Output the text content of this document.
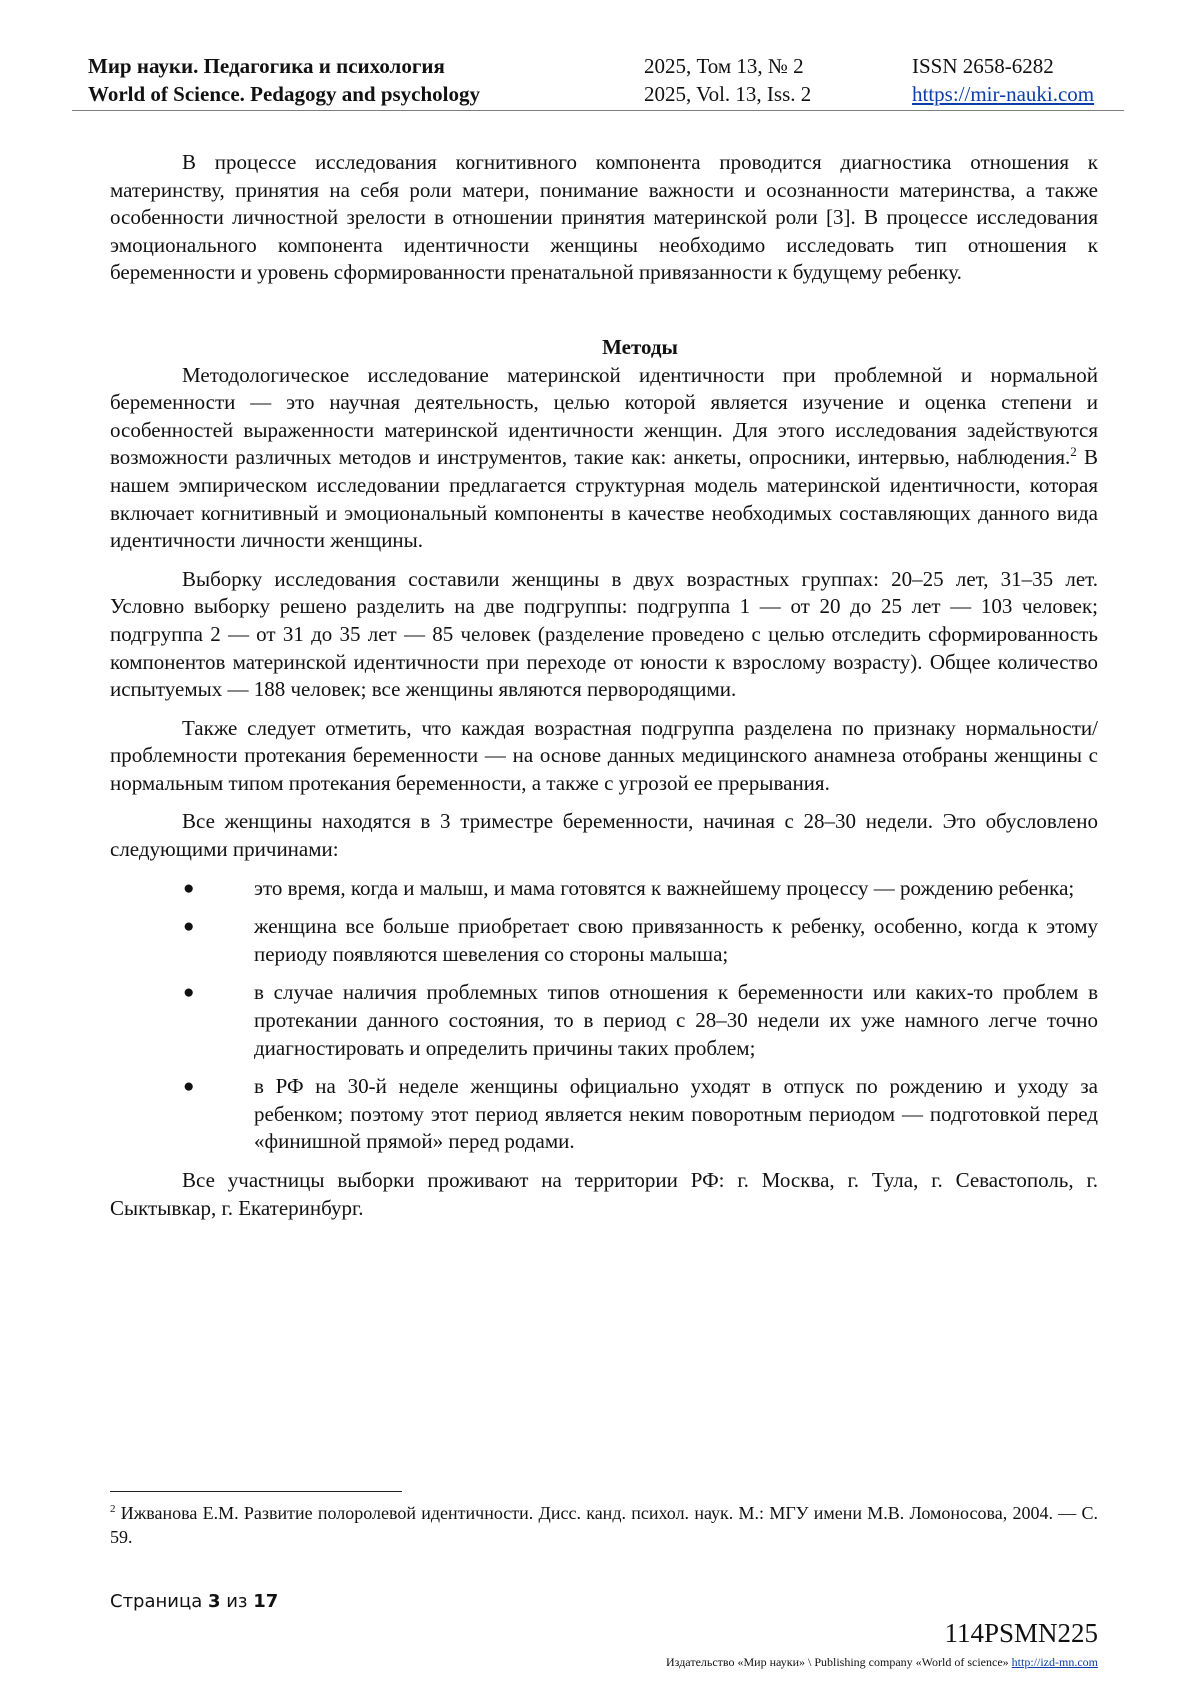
Мир науки. Педагогика и психология	2025, Том 13, № 2	ISSN 2658-6282
World of Science. Pedagogy and psychology	2025, Vol. 13, Iss. 2	https://mir-nauki.com

В процессе исследования когнитивного компонента проводится диагностика отношения к материнству, принятия на себя роли матери, понимание важности и осознанности материнства, а также особенности личностной зрелости в отношении принятия материнской роли [3]. В процессе исследования эмоционального компонента идентичности женщины необходимо исследовать тип отношения к беременности и уровень сформированности пренатальной привязанности к будущему ребенку.

Методы

Методологическое исследование материнской идентичности при проблемной и нормальной беременности — это научная деятельность, целью которой является изучение и оценка степени и особенностей выраженности материнской идентичности женщин. Для этого исследования задействуются возможности различных методов и инструментов, такие как: анкеты, опросники, интервью, наблюдения.$^2$ В нашем эмпирическом исследовании предлагается структурная модель материнской идентичности, которая включает когнитивный и эмоциональный компоненты в качестве необходимых составляющих данного вида идентичности личности женщины.

Выборку исследования составили женщины в двух возрастных группах: 20–25 лет, 31–35 лет. Условно выборку решено разделить на две подгруппы: подгруппа 1 — от 20 до 25 лет — 103 человек; подгруппа 2 — от 31 до 35 лет — 85 человек (разделение проведено с целью отследить сформированность компонентов материнской идентичности при переходе от юности к взрослому возрасту). Общее количество испытуемых — 188 человек; все женщины являются первородящими.

Также следует отметить, что каждая возрастная подгруппа разделена по признаку нормальности/проблемности протекания беременности — на основе данных медицинского анамнеза отобраны женщины с нормальным типом протекания беременности, а также с угрозой ее прерывания.

Все женщины находятся в 3 триместре беременности, начиная с 28–30 недели. Это обусловлено следующими причинами:

●	это время, когда и малыш, и мама готовятся к важнейшему процессу — рождению ребенка;
●	женщина все больше приобретает свою привязанность к ребенку, особенно, когда к этому периоду появляются шевеления со стороны малыша;
●	в случае наличия проблемных типов отношения к беременности или каких-то проблем в протекании данного состояния, то в период с 28–30 недели их уже намного легче точно диагностировать и определить причины таких проблем;
●	в РФ на 30-й неделе женщины официально уходят в отпуск по рождению и уходу за ребенком; поэтому этот период является неким поворотным периодом — подготовкой перед «финишной прямой» перед родами.

Все участницы выборки проживают на территории РФ: г. Москва, г. Тула, г. Севастополь, г. Сыктывкар, г. Екатеринбург.

$^2$ Ижванова Е.М. Развитие полоролевой идентичности. Дисс. канд. психол. наук. М.: МГУ имени М.В. Ломоносова, 2004. — С. 59.
Страница 3 из 17
114PSMN225
Издательство «Мир науки» \ Publishing company «World of science» http://izd-mn.com
